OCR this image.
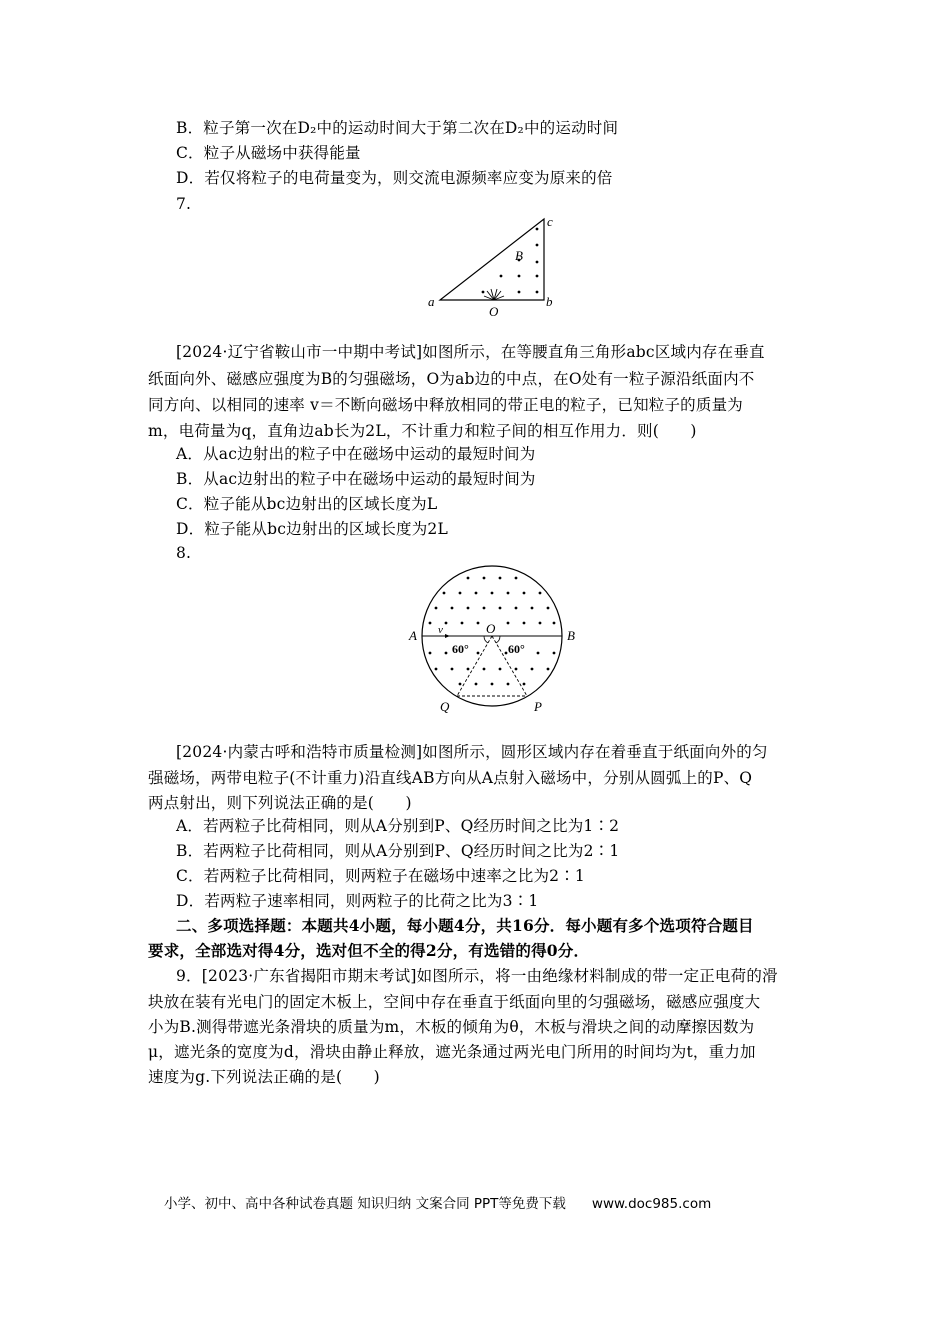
B．粒子第一次在D₂中的运动时间大于第二次在D₂中的运动时间
C．粒子从磁场中获得能量
D．若仅将粒子的电荷量变为，则交流电源频率应变为原来的倍
7.
c
B
a	b
O
[2024·辽宁省鞍山市一中期中考试]如图所示，在等腰直角三角形abc区域内存在垂直
纸面向外、磁感应强度为B的匀强磁场，O为ab边的中点，在O处有一粒子源沿纸面内不
同方向、以相同的速率 v＝不断向磁场中释放相同的带正电的粒子，已知粒子的质量为
m，电荷量为q，直角边ab长为2L，不计重力和粒子间的相互作用力．则(　　)
A．从ac边射出的粒子中在磁场中运动的最短时间为
B．从ac边射出的粒子中在磁场中运动的最短时间为
C．粒子能从bc边射出的区域长度为L
D．粒子能从bc边射出的区域长度为2L
8.
A	B
O
v
60°	60°
Q	P
[2024·内蒙古呼和浩特市质量检测]如图所示，圆形区域内存在着垂直于纸面向外的匀
强磁场，两带电粒子(不计重力)沿直线AB方向从A点射入磁场中，分别从圆弧上的P、Q
两点射出，则下列说法正确的是(　　)
A．若两粒子比荷相同，则从A分别到P、Q经历时间之比为1∶2
B．若两粒子比荷相同，则从A分别到P、Q经历时间之比为2∶1
C．若两粒子比荷相同，则两粒子在磁场中速率之比为2∶1
D．若两粒子速率相同，则两粒子的比荷之比为3∶1
二、多项选择题：本题共4小题，每小题4分，共16分．每小题有多个选项符合题目
要求，全部选对得4分，选对但不全的得2分，有选错的得0分．
9．[2023·广东省揭阳市期末考试]如图所示，将一由绝缘材料制成的带一定正电荷的滑
块放在装有光电门的固定木板上，空间中存在垂直于纸面向里的匀强磁场，磁感应强度大
小为B.测得带遮光条滑块的质量为m，木板的倾角为θ，木板与滑块之间的动摩擦因数为
μ，遮光条的宽度为d，滑块由静止释放，遮光条通过两光电门所用的时间均为t，重力加
速度为g.下列说法正确的是(　　)
小学、初中、高中各种试卷真题 知识归纳 文案合同 PPT等免费下载 www.doc985.com
